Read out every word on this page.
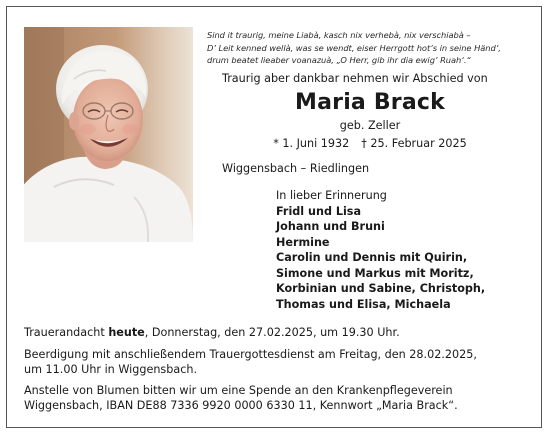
Sind it traurig, meine Liabà, kasch nix verhebà, nix verschiabà –
D’ Leit kenned wellà, was se wendt, eiser Herrgott hot’s in seine Händ’,
drum beatet lieaber voanazuà, „O Herr, gib ihr dia ewig’ Ruah‘.“
Traurig aber dankbar nehmen wir Abschied von
Maria Brack
geb. Zeller
* 1. Juni 1932 † 25. Februar 2025
Wiggensbach – Riedlingen
In lieber Erinnerung
Fridl und Lisa
Johann und Bruni
Hermine
Carolin und Dennis mit Quirin,
Simone und Markus mit Moritz,
Korbinian und Sabine, Christoph,
Thomas und Elisa, Michaela
Trauerandacht heute, Donnerstag, den 27.02.2025, um 19.30 Uhr.
Beerdigung mit anschließendem Trauergottesdienst am Freitag, den 28.02.2025,
um 11.00 Uhr in Wiggensbach.
Anstelle von Blumen bitten wir um eine Spende an den Krankenpflegeverein
Wiggensbach, IBAN DE88 7336 9920 0000 6330 11, Kennwort „Maria Brack“.
